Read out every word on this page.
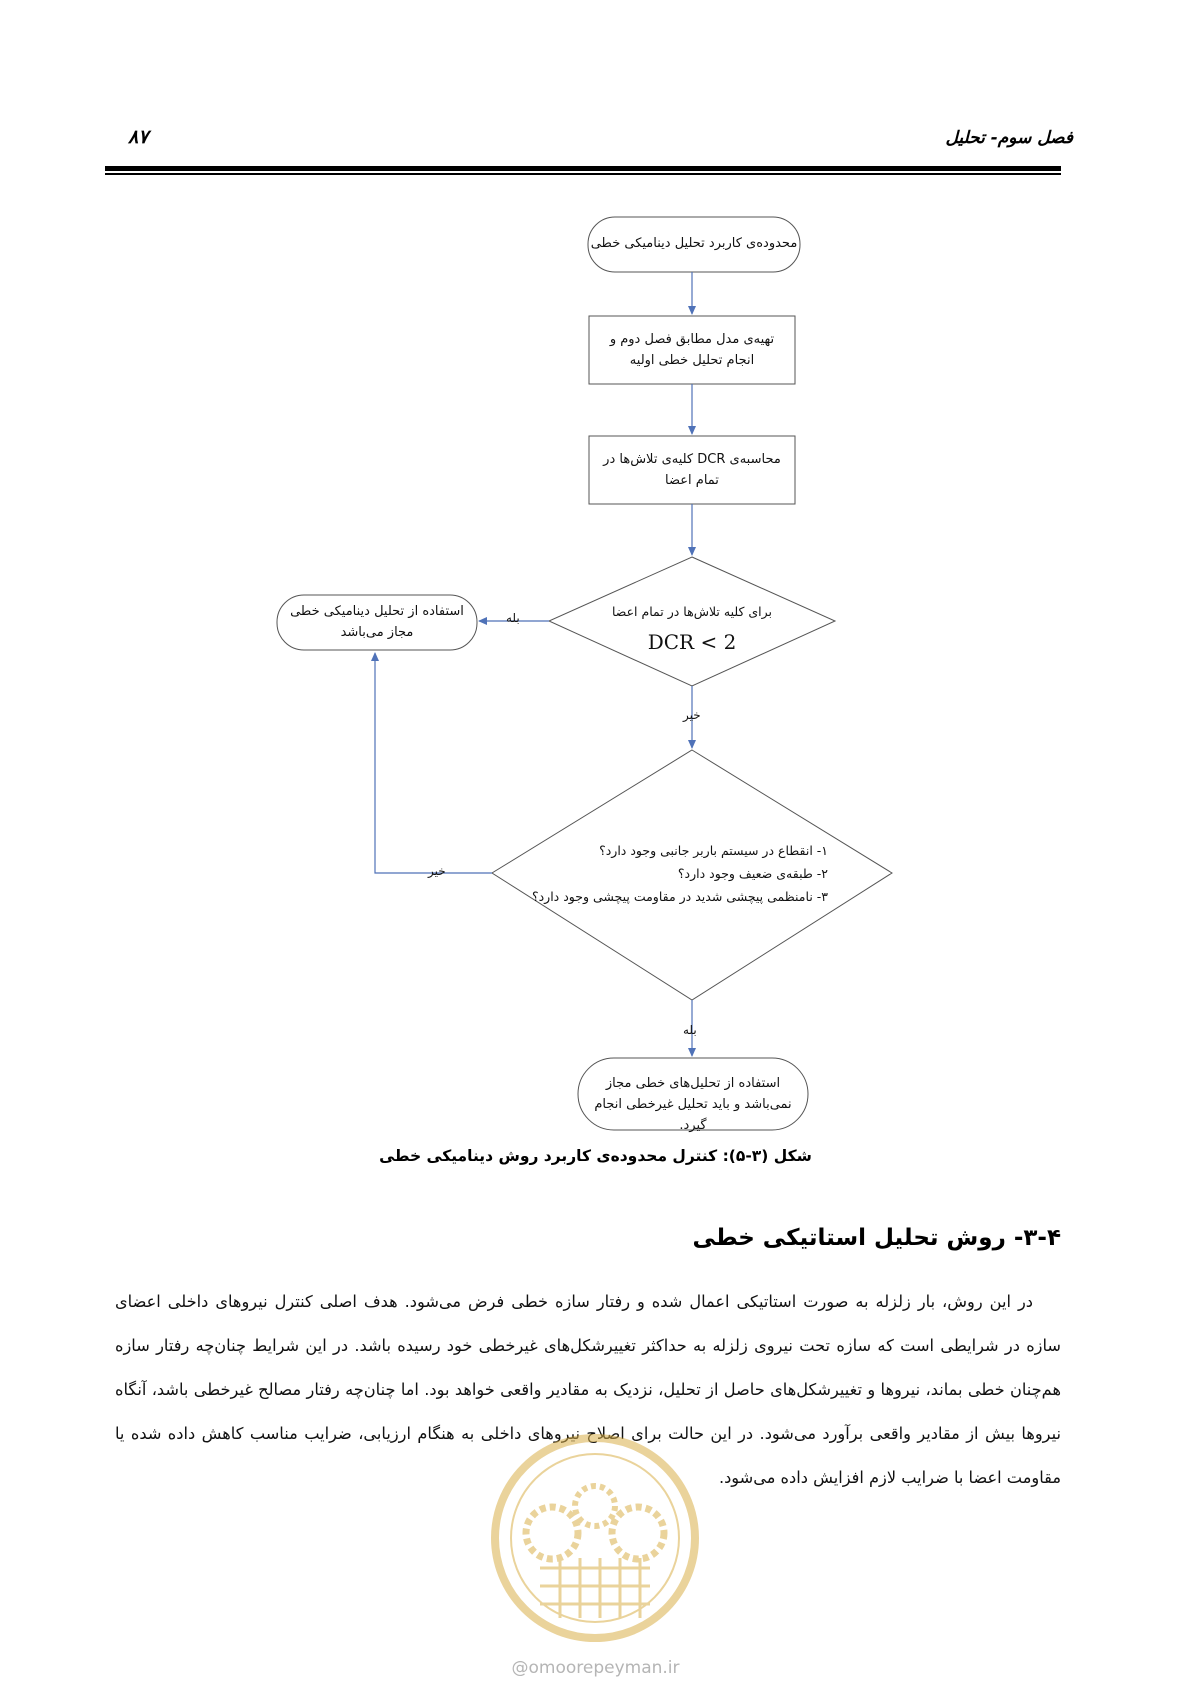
فصل سوم- تحلیل
۸۷
محدوده‌ی کاربرد تحلیل دینامیکی خطی
تهیه‌ی مدل مطابق فصل دوم و انجام تحلیل خطی اولیه
محاسبه‌ی DCR کلیه‌ی تلاش‌ها در تمام اعضا
برای کلیه تلاش‌ها در تمام اعضا
DCR < 2
بله
خیر
استفاده از تحلیل دینامیکی خطی مجاز می‌باشد
۱- انقطاع در سیستم باربر جانبی وجود دارد؟
۲- طبقه‌ی ضعیف وجود دارد؟
۳- نامنظمی پیچشی شدید در مقاومت پیچشی وجود دارد؟
خیر
بله
استفاده از تحلیل‌های خطی مجاز نمی‌باشد و باید تحلیل غیرخطی انجام گیرد.
شکل (۳-۵): کنترل محدوده‌ی کاربرد روش دینامیکی خطی
۳-۴- روش تحلیل استاتیکی خطی
در این روش، بار زلزله به صورت استاتیکی اعمال شده و رفتار سازه خطی فرض می‌شود. هدف اصلی کنترل نیروهای داخلی اعضای سازه در شرایطی است که سازه تحت نیروی زلزله به حداکثر تغییرشکل‌های غیرخطی خود رسیده باشد. در این شرایط چنان‌چه رفتار سازه هم‌چنان خطی بماند، نیروها و تغییرشکل‌های حاصل از تحلیل، نزدیک به مقادیر واقعی خواهد بود. اما چنان‌چه رفتار مصالح غیرخطی باشد، آنگاه نیروها بیش از مقادیر واقعی برآورد می‌شود. در این حالت برای اصلاح نیروهای داخلی به هنگام ارزیابی، ضرایب مناسب کاهش داده شده یا مقاومت اعضا با ضرایب لازم افزایش داده می‌شود.
@omoorepeyman.ir
